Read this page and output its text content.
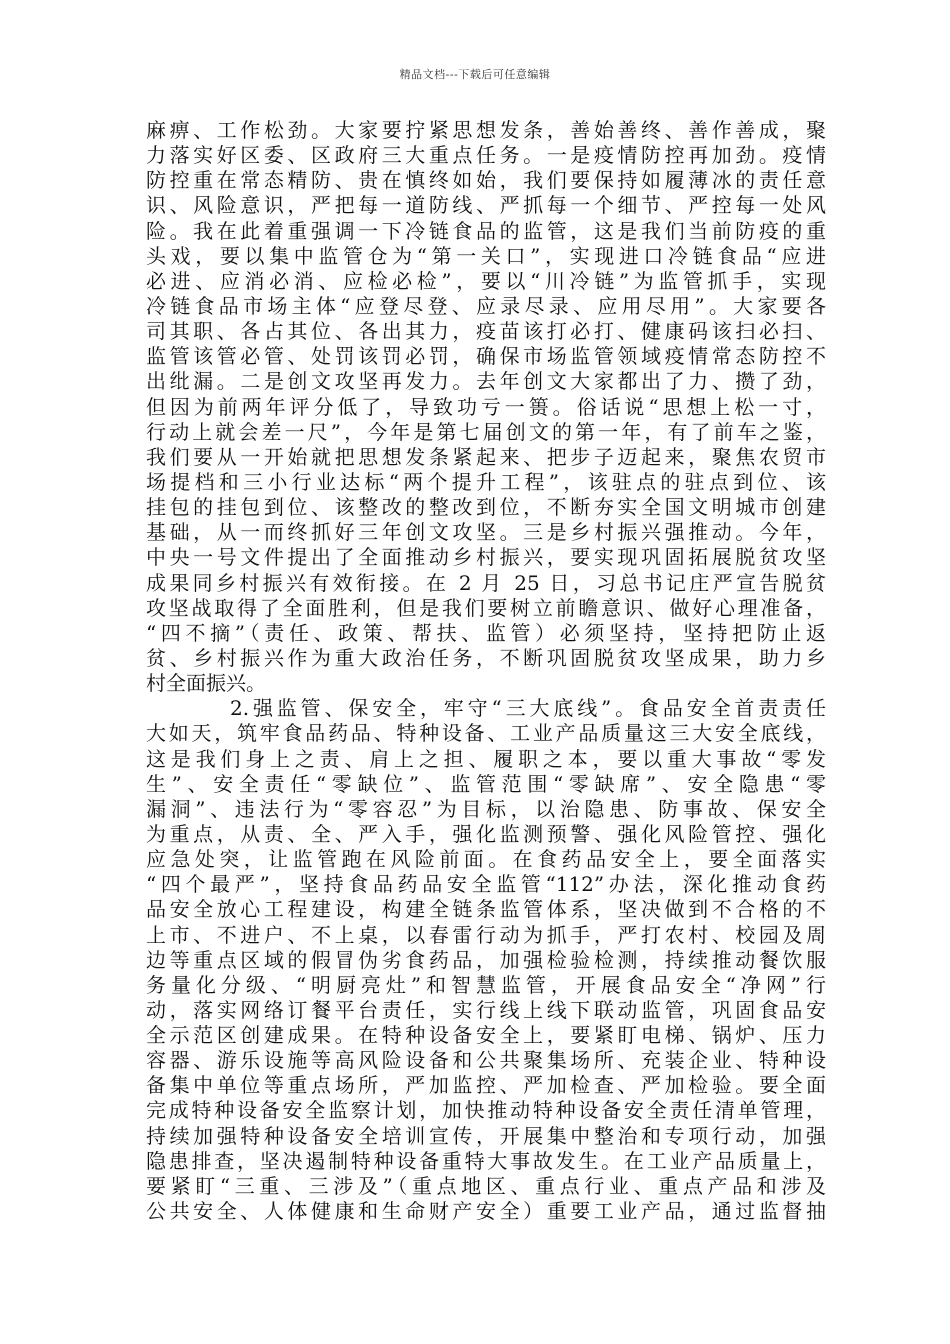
精品文档---下载后可任意编辑
麻痹、工作松劲。大家要拧紧思想发条，善始善终、善作善成，聚
力落实好区委、区政府三大重点任务。一是疫情防控再加劲。疫情
防控重在常态精防、贵在慎终如始，我们要保持如履薄冰的责任意
识、风险意识，严把每一道防线、严抓每一个细节、严控每一处风
险。我在此着重强调一下冷链食品的监管，这是我们当前防疫的重
头戏，要以集中监管仓为“第一关口”，实现进口冷链食品“应进
必进、应消必消、应检必检”，要以“川冷链”为监管抓手，实现
冷链食品市场主体“应登尽登、应录尽录、应用尽用”。大家要各
司其职、各占其位、各出其力，疫苗该打必打、健康码该扫必扫、
监管该管必管、处罚该罚必罚，确保市场监管领域疫情常态防控不
出纰漏。二是创文攻坚再发力。去年创文大家都出了力、攒了劲，
但因为前两年评分低了，导致功亏一篑。俗话说“思想上松一寸，
行动上就会差一尺”，今年是第七届创文的第一年，有了前车之鉴，
我们要从一开始就把思想发条紧起来、把步子迈起来，聚焦农贸市
场提档和三小行业达标“两个提升工程”，该驻点的驻点到位、该
挂包的挂包到位、该整改的整改到位，不断夯实全国文明城市创建
基础，从一而终抓好三年创文攻坚。三是乡村振兴强推动。今年，
中央一号文件提出了全面推动乡村振兴，要实现巩固拓展脱贫攻坚
成果同乡村振兴有效衔接。在 2 月 25 日，习总书记庄严宣告脱贫
攻坚战取得了全面胜利，但是我们要树立前瞻意识、做好心理准备，
“四不摘”（责任、政策、帮扶、监管）必须坚持，坚持把防止返
贫、乡村振兴作为重大政治任务，不断巩固脱贫攻坚成果，助力乡
村全面振兴。
2.强监管、保安全，牢守“三大底线”。食品安全首责责任
大如天，筑牢食品药品、特种设备、工业产品质量这三大安全底线，
这是我们身上之责、肩上之担、履职之本，要以重大事故“零发
生”、安全责任“零缺位”、监管范围“零缺席”、安全隐患“零
漏洞”、违法行为“零容忍”为目标，以治隐患、防事故、保安全
为重点，从责、全、严入手，强化监测预警、强化风险管控、强化
应急处突，让监管跑在风险前面。在食药品安全上，要全面落实
“四个最严”，坚持食品药品安全监管“112”办法，深化推动食药
品安全放心工程建设，构建全链条监管体系，坚决做到不合格的不
上市、不进户、不上桌，以春雷行动为抓手，严打农村、校园及周
边等重点区域的假冒伪劣食药品，加强检验检测，持续推动餐饮服
务量化分级、“明厨亮灶”和智慧监管，开展食品安全“净网”行
动，落实网络订餐平台责任，实行线上线下联动监管，巩固食品安
全示范区创建成果。在特种设备安全上，要紧盯电梯、锅炉、压力
容器、游乐设施等高风险设备和公共聚集场所、充装企业、特种设
备集中单位等重点场所，严加监控、严加检查、严加检验。要全面
完成特种设备安全监察计划，加快推动特种设备安全责任清单管理，
持续加强特种设备安全培训宣传，开展集中整治和专项行动，加强
隐患排查，坚决遏制特种设备重特大事故发生。在工业产品质量上，
要紧盯“三重、三涉及”（重点地区、重点行业、重点产品和涉及
公共安全、人体健康和生命财产安全）重要工业产品，通过监督抽
